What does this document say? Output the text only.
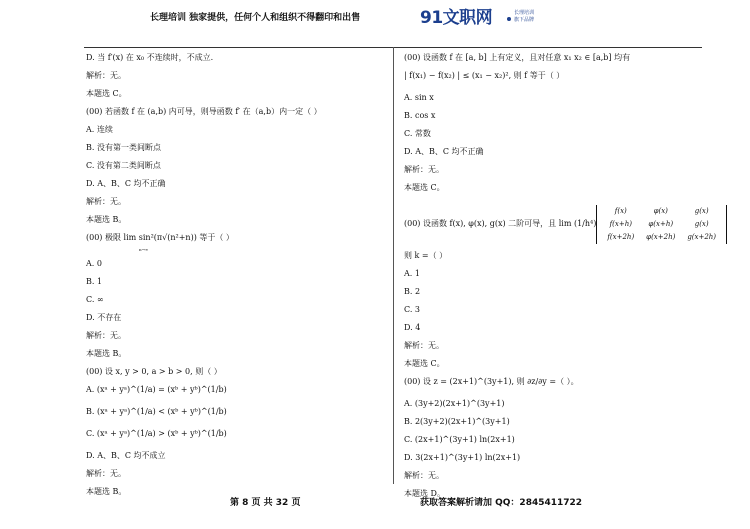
长理培训 独家提供，任何个人和组织不得翻印和出售	91文职网	长理培训
旗下品牌
D. 当 f′(x) 在 x₀ 不连续时，不成立.
解析：无。
本题选 C。
(00) 若函数 f 在 (a,b) 内可导，则导函数 f′ 在（a,b）内一定（ ）
A. 连续
B. 没有第一类间断点
C. 没有第二类间断点
D. A、B、C 均不正确
解析：无。
本题选 B。
(00) 极限 lim sin²(π√(n²+n)) 等于（ ）
n→∞
A. 0
B. 1
C. ∞
D. 不存在
解析：无。
本题选 B。
(00) 设 x, y > 0, a > b > 0, 则（ ）
A. (xᵃ + yᵃ)^(1/a) = (xᵇ + yᵇ)^(1/b)
B. (xᵃ + yᵃ)^(1/a) < (xᵇ + yᵇ)^(1/b)
C. (xᵃ + yᵃ)^(1/a) > (xᵇ + yᵇ)^(1/b)
D. A、B、C 均不成立
解析：无。
本题选 B。
(00) 设函数 f 在 [a, b] 上有定义，且对任意 x₁ x₂ ∈ [a,b] 均有
| f(x₁) − f(x₂) | ≤ (x₁ − x₂)², 则 f 等于（ ）
A. sin x
B. cos x
C. 常数
D. A、B、C 均不正确
解析：无。
本题选 C。
(00) 设函数 f(x), φ(x), g(x) 二阶可导，且 lim (1/h⁴)
f(x)	φ(x)	g(x)
f(x+h)	φ(x+h)	g(x)
f(x+2h)	φ(x+2h)	g(x+2h)
则 k =（ ）
A. 1
B. 2
C. 3
D. 4
解析：无。
本题选 C。
(00) 设 z = (2x+1)^(3y+1), 则 ∂z/∂y =（ ）。
A. (3y+2)(2x+1)^(3y+1)
B. 2(3y+2)(2x+1)^(3y+1)
C. (2x+1)^(3y+1) ln(2x+1)
D. 3(2x+1)^(3y+1) ln(2x+1)
解析：无。
本题选 D。
第 8 页 共 32 页	获取答案解析请加 QQ：2845411722
